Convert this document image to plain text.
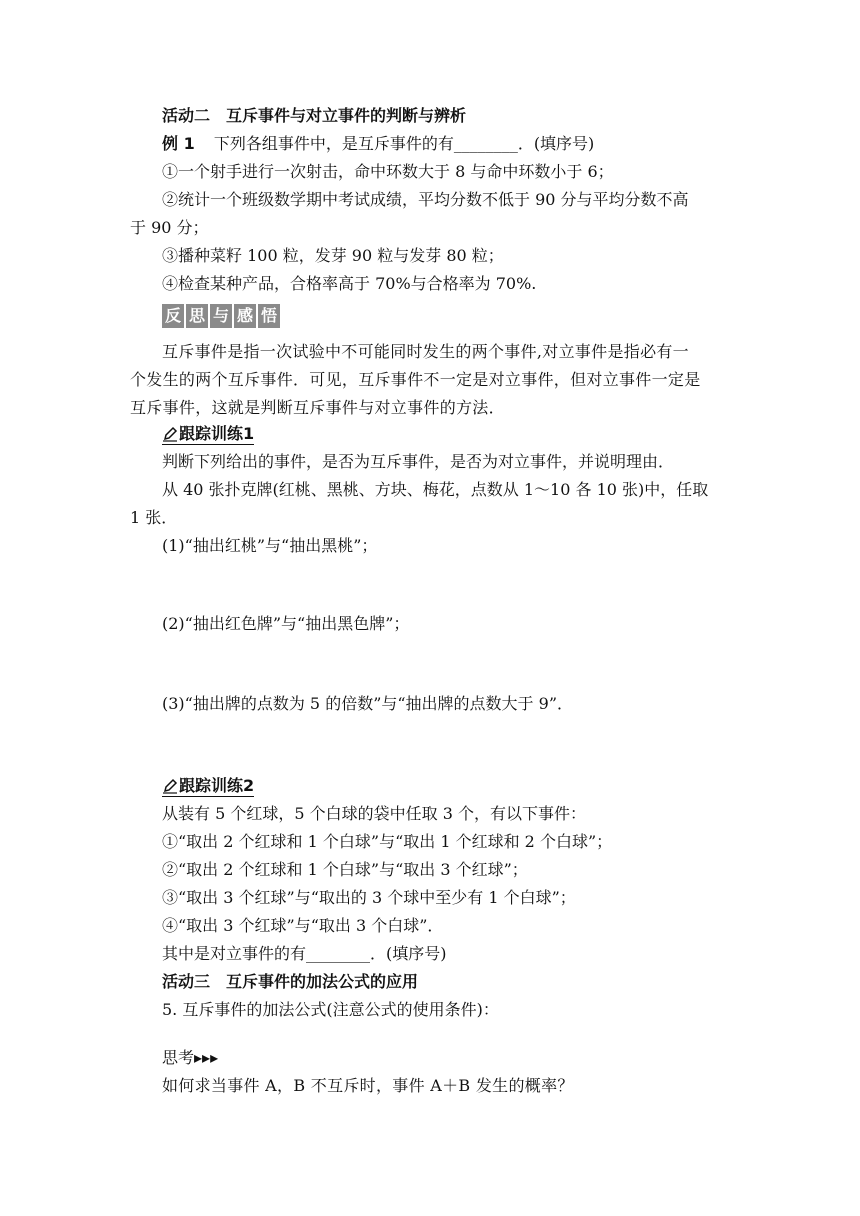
活动二　互斥事件与对立事件的判断与辨析
例 1 下列各组事件中，是互斥事件的有________．(填序号)
①一个射手进行一次射击，命中环数大于 8 与命中环数小于 6；
②统计一个班级数学期中考试成绩，平均分数不低于 90 分与平均分数不高
于 90 分；
③播种菜籽 100 粒，发芽 90 粒与发芽 80 粒；
④检查某种产品，合格率高于 70%与合格率为 70%.
反 思 与 感 悟
互斥事件是指一次试验中不可能同时发生的两个事件,对立事件是指必有一
个发生的两个互斥事件．可见，互斥事件不一定是对立事件，但对立事件一定是
互斥事件，这就是判断互斥事件与对立事件的方法．
跟踪训练1
判断下列给出的事件，是否为互斥事件，是否为对立事件，并说明理由．
从 40 张扑克牌(红桃、黑桃、方块、梅花，点数从 1～10 各 10 张)中，任取
1 张．
(1)“抽出红桃”与“抽出黑桃”；
(2)“抽出红色牌”与“抽出黑色牌”；
(3)“抽出牌的点数为 5 的倍数”与“抽出牌的点数大于 9”．
跟踪训练2
从装有 5 个红球，5 个白球的袋中任取 3 个，有以下事件：
①“取出 2 个红球和 1 个白球”与“取出 1 个红球和 2 个白球”；
②“取出 2 个红球和 1 个白球”与“取出 3 个红球”；
③“取出 3 个红球”与“取出的 3 个球中至少有 1 个白球”；
④“取出 3 个红球”与“取出 3 个白球”．
其中是对立事件的有________．(填序号)
活动三　互斥事件的加法公式的应用
5. 互斥事件的加法公式(注意公式的使用条件)：
思考▸▸▸
如何求当事件 A，B 不互斥时，事件 A＋B 发生的概率？
